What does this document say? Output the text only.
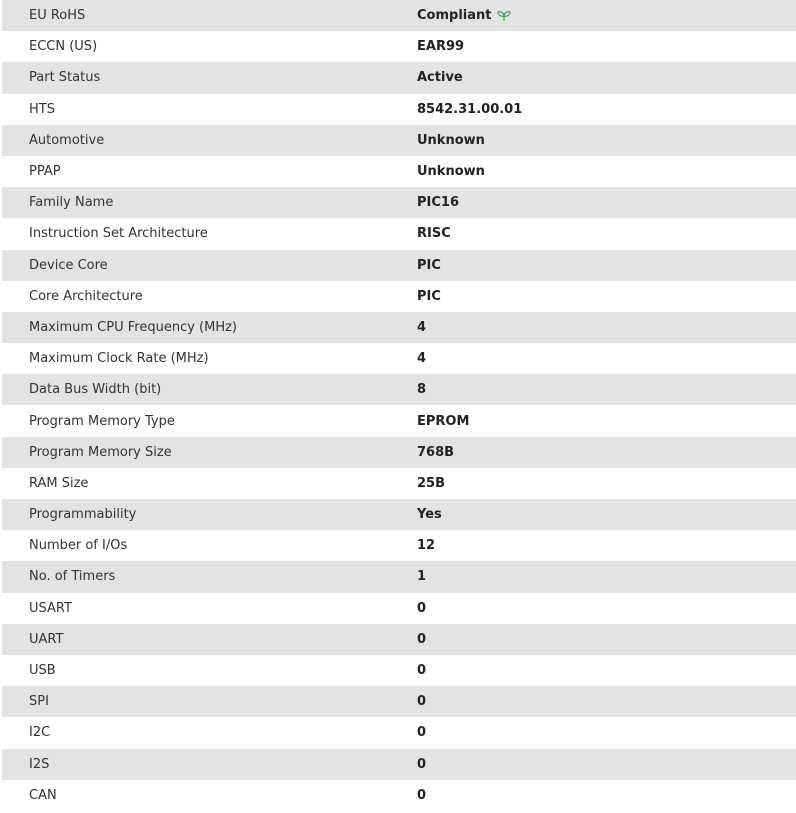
EU RoHS	Compliant
ECCN (US)	EAR99
Part Status	Active
HTS	8542.31.00.01
Automotive	Unknown
PPAP	Unknown
Family Name	PIC16
Instruction Set Architecture	RISC
Device Core	PIC
Core Architecture	PIC
Maximum CPU Frequency (MHz)	4
Maximum Clock Rate (MHz)	4
Data Bus Width (bit)	8
Program Memory Type	EPROM
Program Memory Size	768B
RAM Size	25B
Programmability	Yes
Number of I/Os	12
No. of Timers	1
USART	0
UART	0
USB	0
SPI	0
I2C	0
I2S	0
CAN	0
